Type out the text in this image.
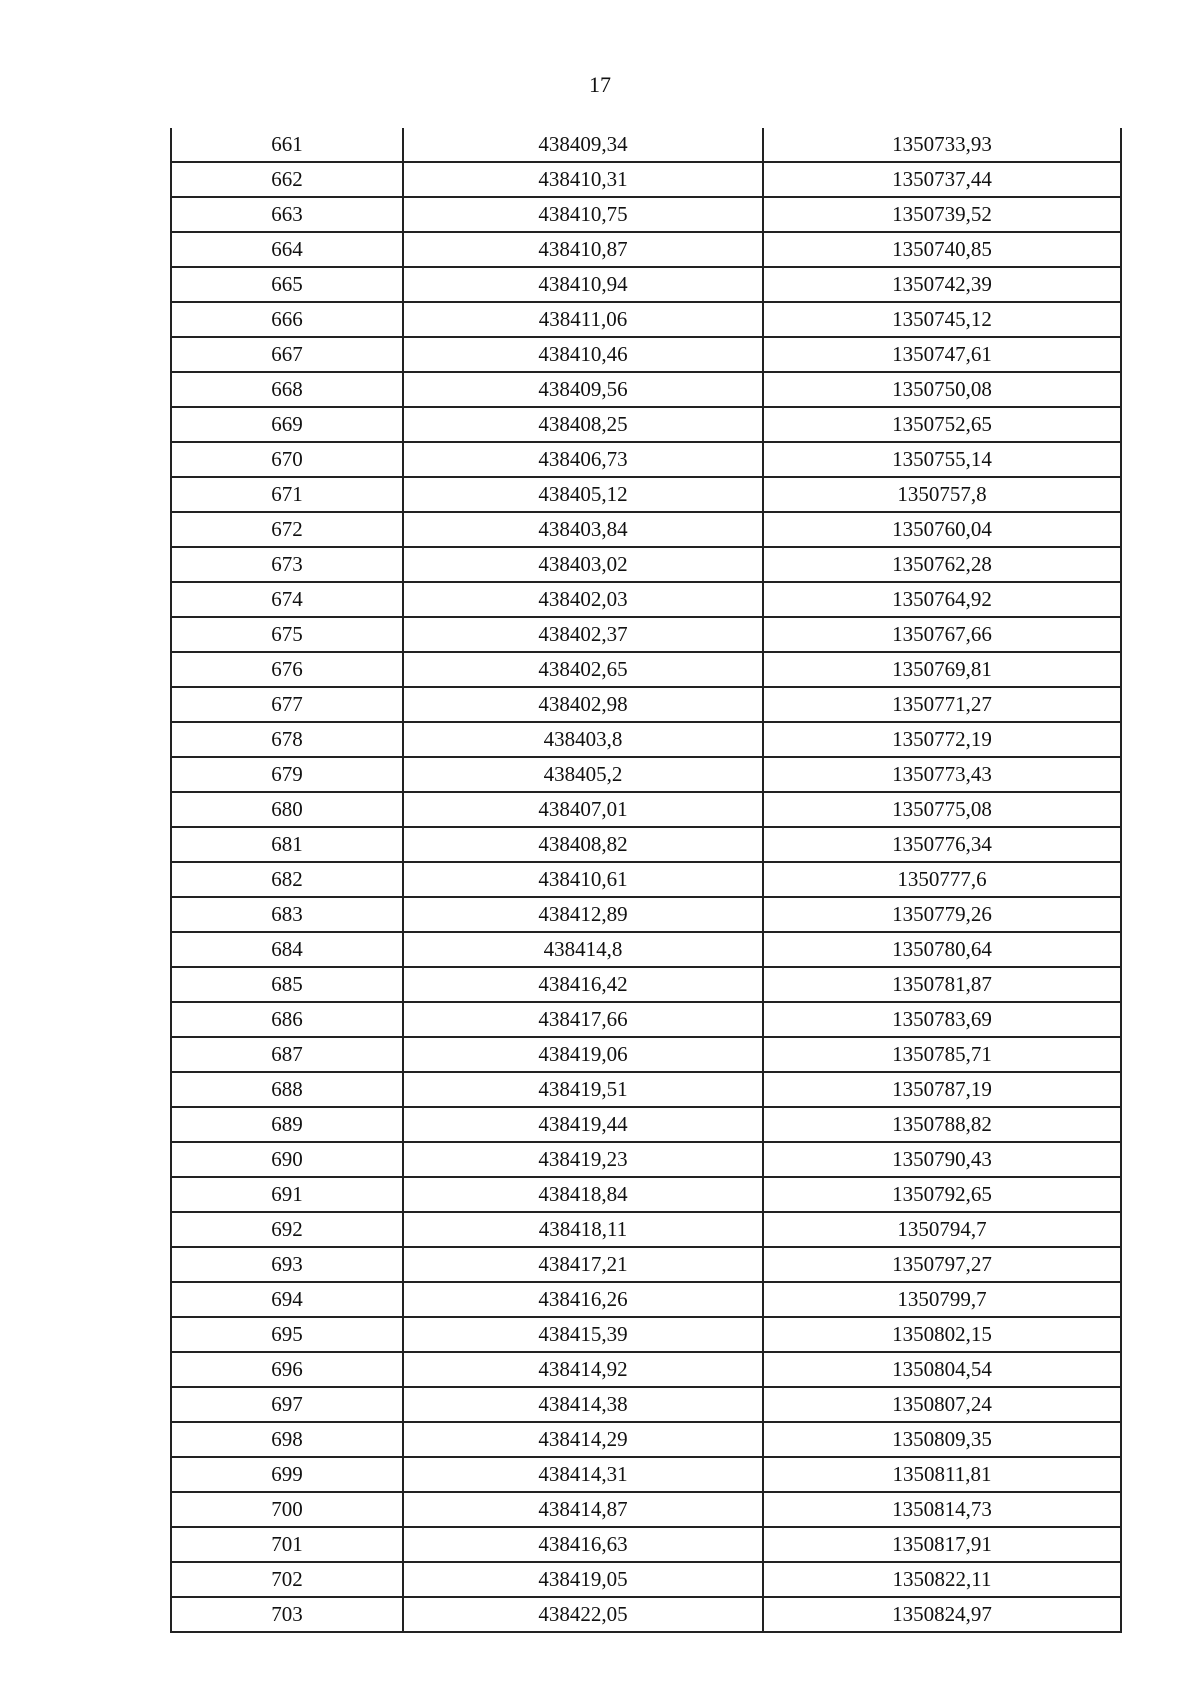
17
661	438409,34	1350733,93
662	438410,31	1350737,44
663	438410,75	1350739,52
664	438410,87	1350740,85
665	438410,94	1350742,39
666	438411,06	1350745,12
667	438410,46	1350747,61
668	438409,56	1350750,08
669	438408,25	1350752,65
670	438406,73	1350755,14
671	438405,12	1350757,8
672	438403,84	1350760,04
673	438403,02	1350762,28
674	438402,03	1350764,92
675	438402,37	1350767,66
676	438402,65	1350769,81
677	438402,98	1350771,27
678	438403,8	1350772,19
679	438405,2	1350773,43
680	438407,01	1350775,08
681	438408,82	1350776,34
682	438410,61	1350777,6
683	438412,89	1350779,26
684	438414,8	1350780,64
685	438416,42	1350781,87
686	438417,66	1350783,69
687	438419,06	1350785,71
688	438419,51	1350787,19
689	438419,44	1350788,82
690	438419,23	1350790,43
691	438418,84	1350792,65
692	438418,11	1350794,7
693	438417,21	1350797,27
694	438416,26	1350799,7
695	438415,39	1350802,15
696	438414,92	1350804,54
697	438414,38	1350807,24
698	438414,29	1350809,35
699	438414,31	1350811,81
700	438414,87	1350814,73
701	438416,63	1350817,91
702	438419,05	1350822,11
703	438422,05	1350824,97
